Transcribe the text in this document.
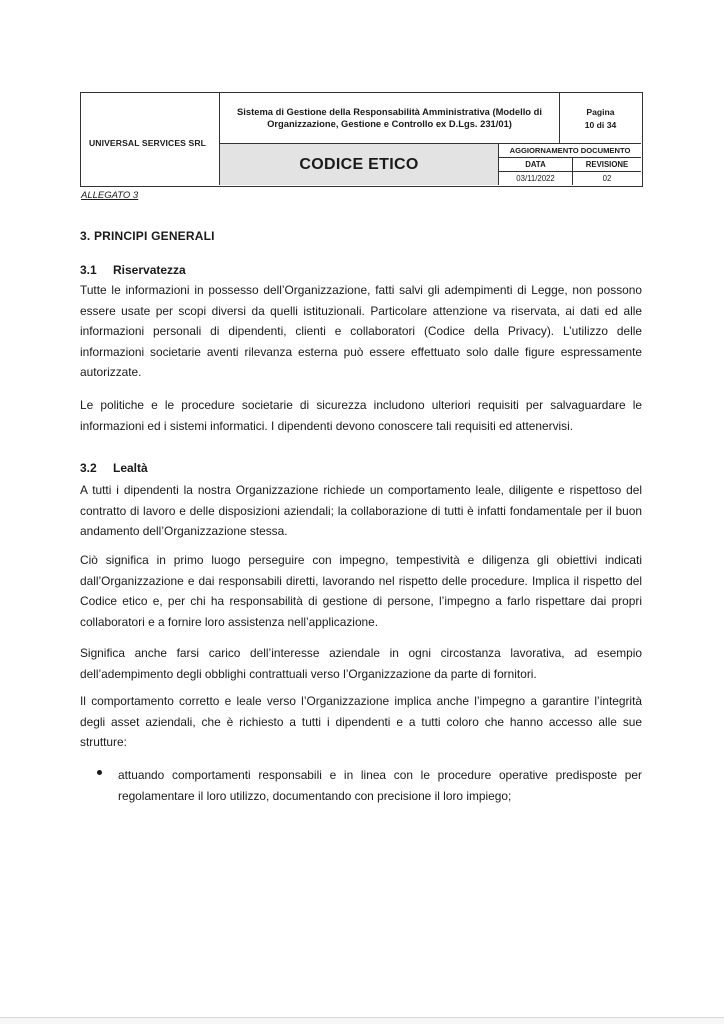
UNIVERSAL SERVICES SRL
Sistema di Gestione della Responsabilità Amministrativa (Modello di Organizzazione, Gestione e Controllo ex D.Lgs. 231/01)
Pagina
10 di 34
CODICE ETICO
AGGIORNAMENTO DOCUMENTO
DATA	REVISIONE
03/11/2022	02
ALLEGATO 3
3. PRINCIPI GENERALI
3.1 Riservatezza

Tutte le informazioni in possesso dell’Organizzazione, fatti salvi gli adempimenti di Legge, non possono essere usate per scopi diversi da quelli istituzionali. Particolare attenzione va riservata, ai dati ed alle informazioni personali di dipendenti, clienti e collaboratori (Codice della Privacy). L’utilizzo delle informazioni societarie aventi rilevanza esterna può essere effettuato solo dalle figure espressamente autorizzate.

Le politiche e le procedure societarie di sicurezza includono ulteriori requisiti per salvaguardare le informazioni ed i sistemi informatici. I dipendenti devono conoscere tali requisiti ed attenervisi.

3.2 Lealtà

A tutti i dipendenti la nostra Organizzazione richiede un comportamento leale, diligente e rispettoso del contratto di lavoro e delle disposizioni aziendali; la collaborazione di tutti è infatti fondamentale per il buon andamento dell’Organizzazione stessa.

Ciò significa in primo luogo perseguire con impegno, tempestività e diligenza gli obiettivi indicati dall’Organizzazione e dai responsabili diretti, lavorando nel rispetto delle procedure. Implica il rispetto del Codice etico e, per chi ha responsabilità di gestione di persone, l’impegno a farlo rispettare dai propri collaboratori e a fornire loro assistenza nell’applicazione.

Significa anche farsi carico dell’interesse aziendale in ogni circostanza lavorativa, ad esempio dell’adempimento degli obblighi contrattuali verso l’Organizzazione da parte di fornitori.

Il comportamento corretto e leale verso l’Organizzazione implica anche l’impegno a garantire l’integrità degli asset aziendali, che è richiesto a tutti i dipendenti e a tutti coloro che hanno accesso alle sue strutture:

attuando comportamenti responsabili e in linea con le procedure operative predisposte per regolamentare il loro utilizzo, documentando con precisione il loro impiego;
